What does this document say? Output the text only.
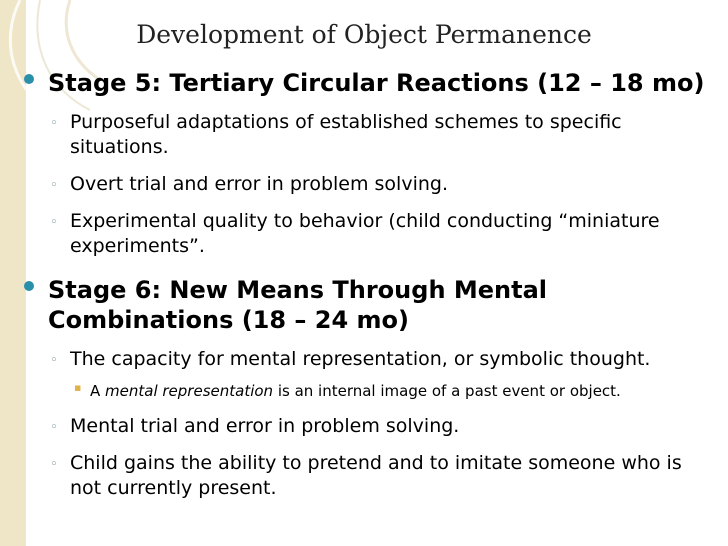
Development of Object Permanence
Stage 5: Tertiary Circular Reactions (12 – 18 mo)
◦ Purposeful adaptations of established schemes to specific situations.
◦ Overt trial and error in problem solving.
◦ Experimental quality to behavior (child conducting “miniature experiments”.
Stage 6: New Means Through Mental Combinations (18 – 24 mo)
◦ The capacity for mental representation, or symbolic thought.
▪ A mental representation is an internal image of a past event or object.
◦ Mental trial and error in problem solving.
◦ Child gains the ability to pretend and to imitate someone who is not currently present.
